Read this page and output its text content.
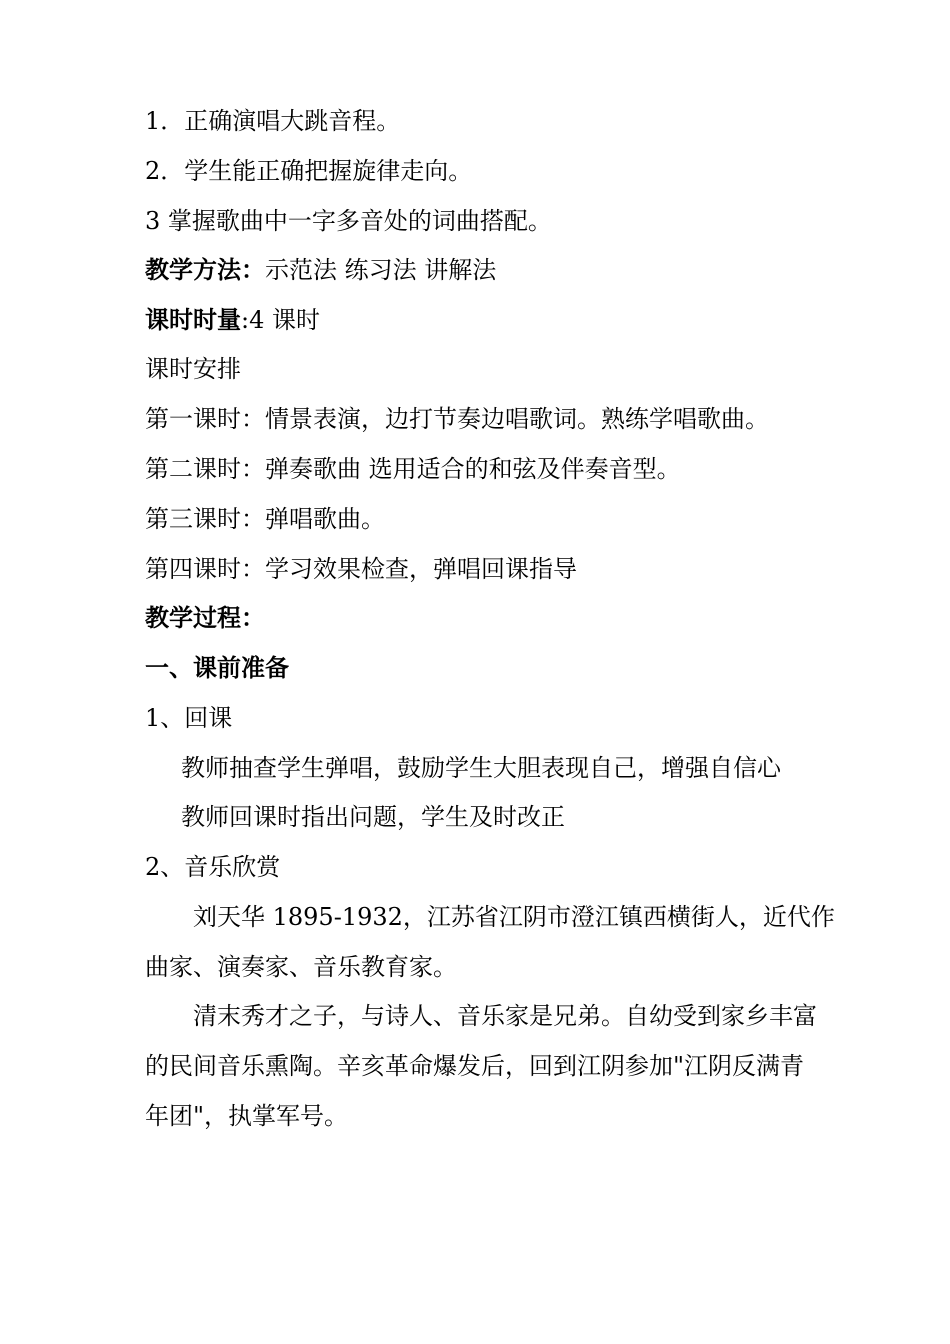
1．正确演唱大跳音程。
2．学生能正确把握旋律走向。
3 掌握歌曲中一字多音处的词曲搭配。
教学方法：示范法 练习法 讲解法
课时时量:4 课时
课时安排
第一课时：情景表演，边打节奏边唱歌词。熟练学唱歌曲。
第二课时：弹奏歌曲 选用适合的和弦及伴奏音型。
第三课时：弹唱歌曲。
第四课时：学习效果检查，弹唱回课指导
教学过程：
一、课前准备
1、回课
教师抽查学生弹唱，鼓励学生大胆表现自己，增强自信心
教师回课时指出问题，学生及时改正
2、音乐欣赏
刘天华 1895-1932，江苏省江阴市澄江镇西横街人，近代作
曲家、演奏家、音乐教育家。
清末秀才之子，与诗人、音乐家是兄弟。自幼受到家乡丰富
的民间音乐熏陶。辛亥革命爆发后，回到江阴参加"江阴反满青
年团"，执掌军号。
